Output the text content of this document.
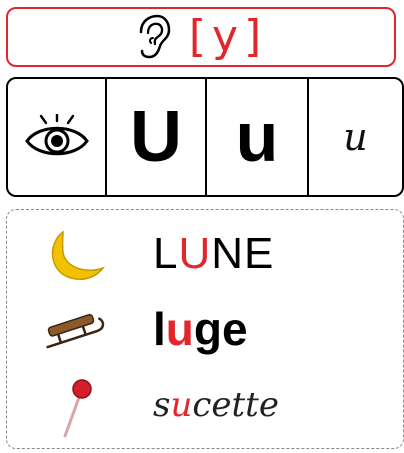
[y]
U u u
LUNE
luge
sucette
